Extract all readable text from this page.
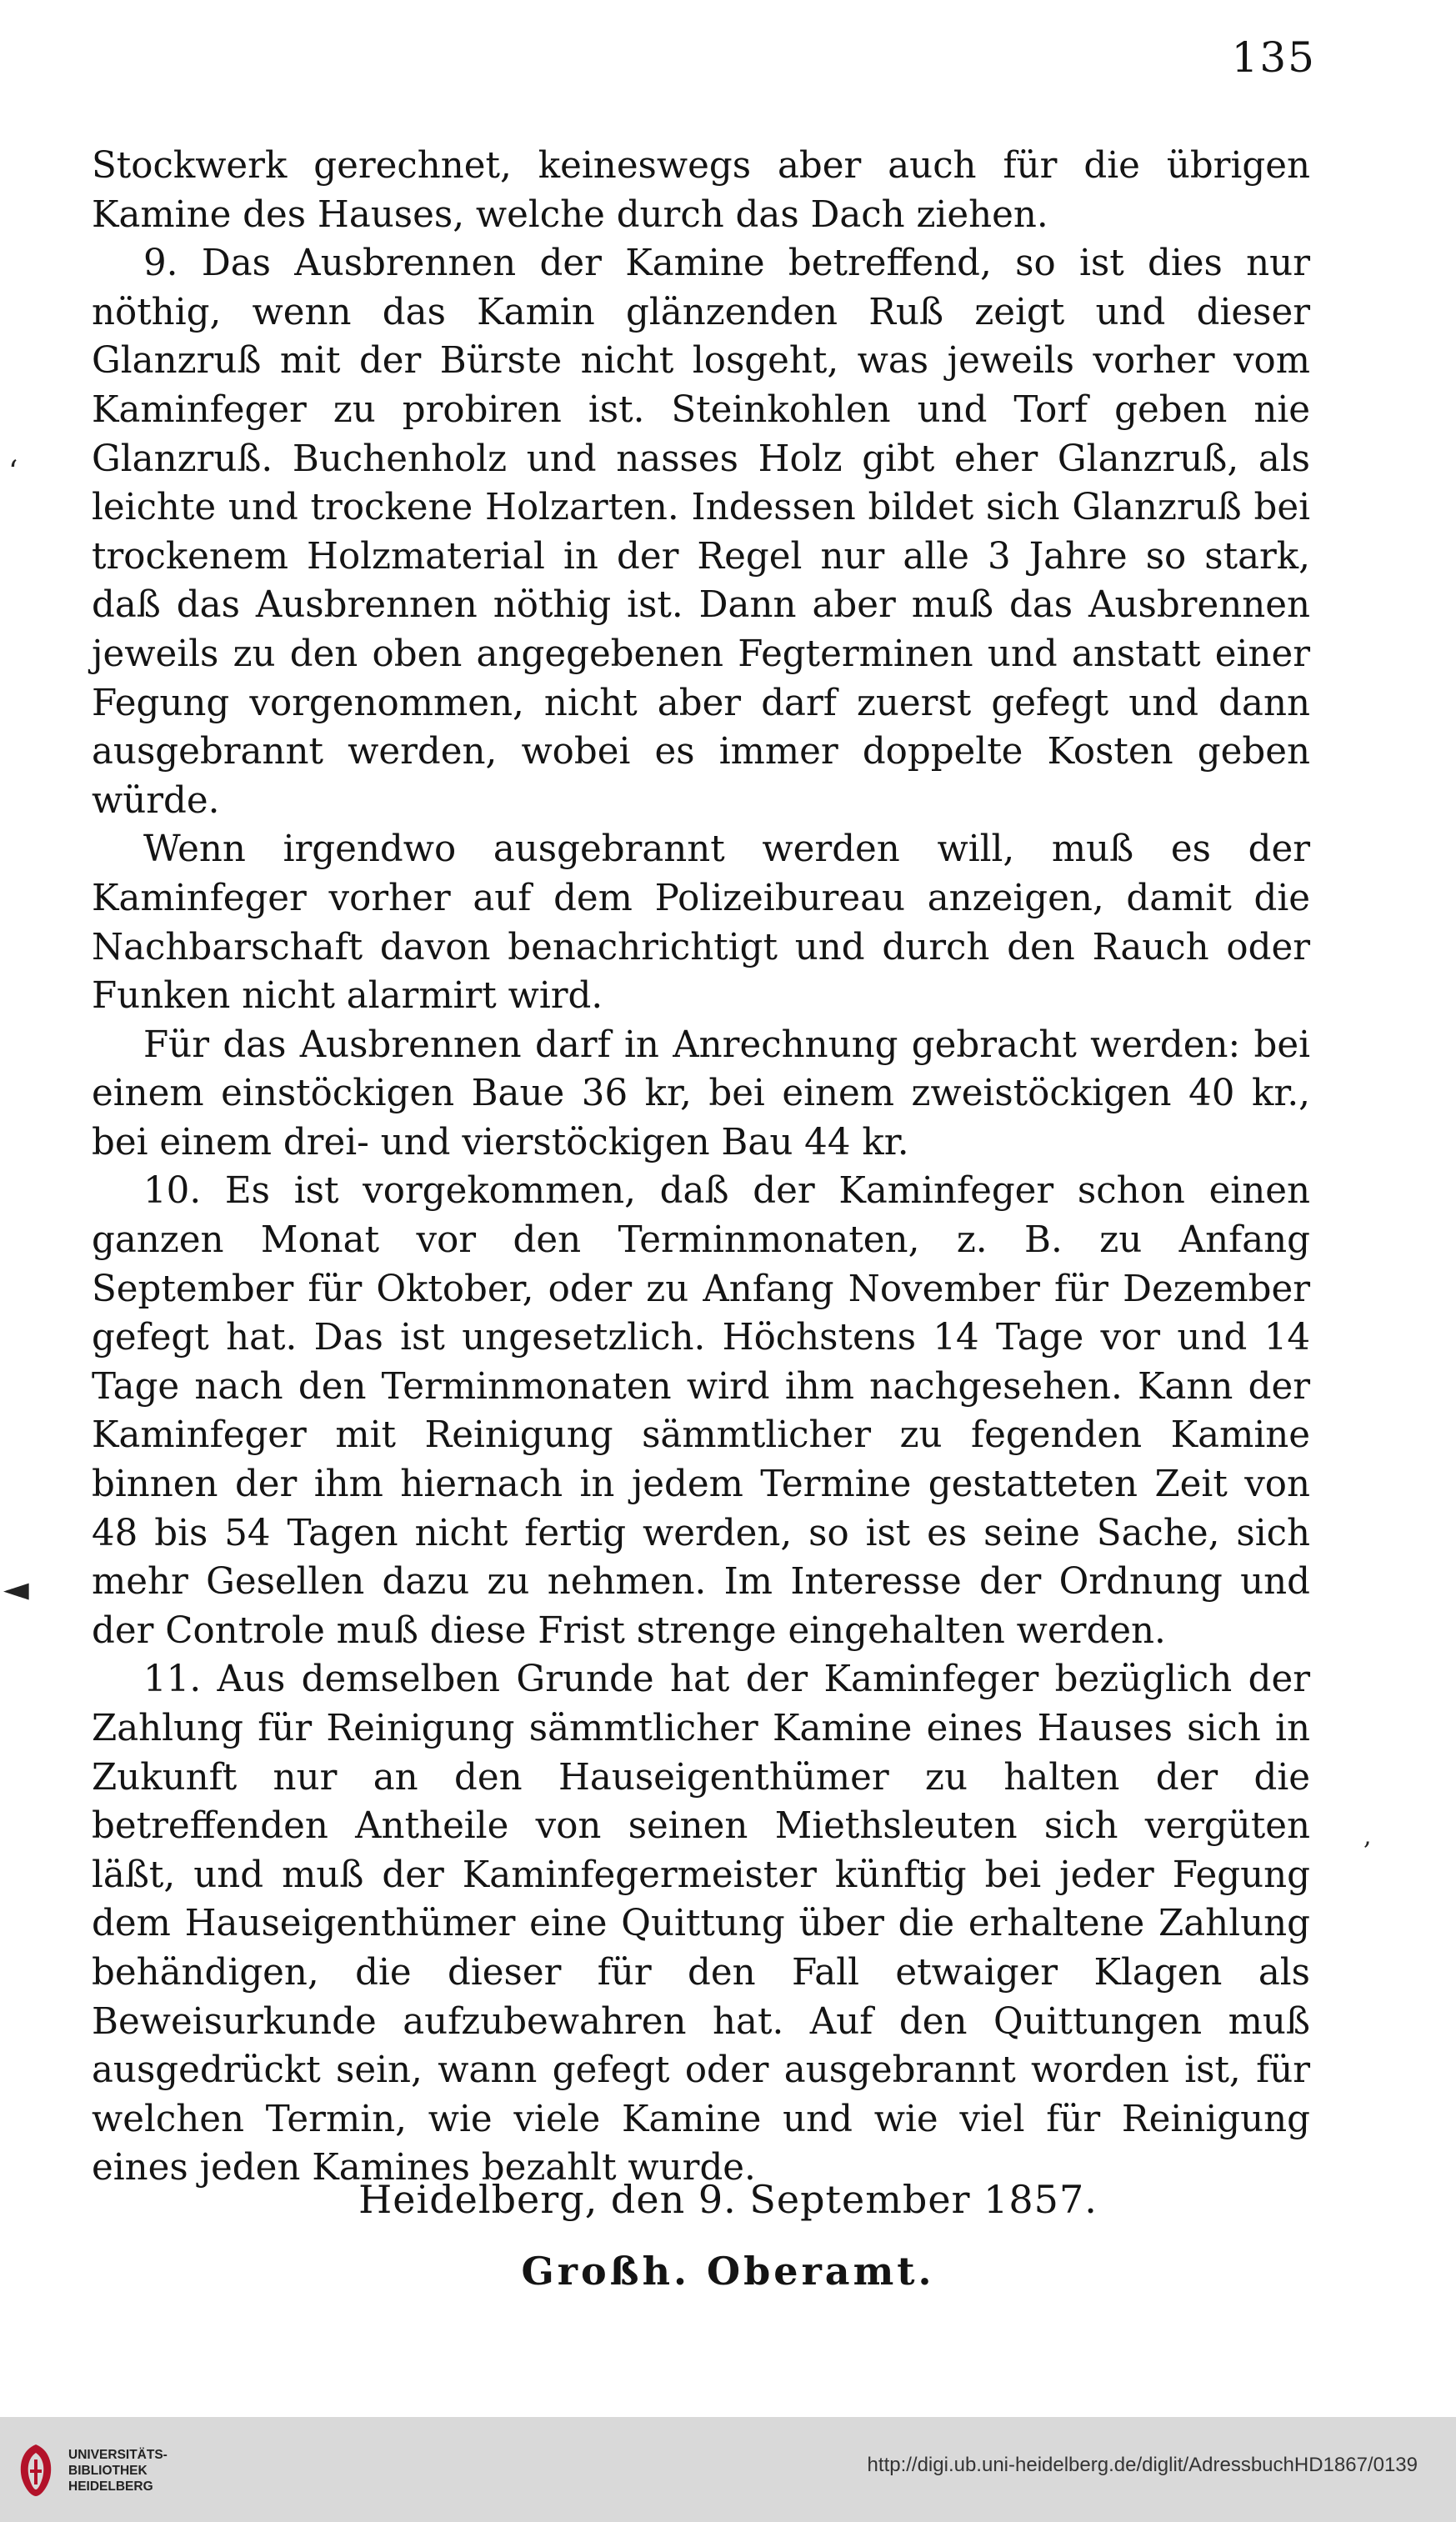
135

Stockwerk gerechnet, keineswegs aber auch für die übrigen Kamine des Hauses, welche durch das Dach ziehen.

9. Das Ausbrennen der Kamine betreffend, so ist dies nur nöthig, wenn das Kamin glänzenden Ruß zeigt und dieser Glanzruß mit der Bürste nicht losgeht, was jeweils vorher vom Kaminfeger zu probiren ist. Steinkohlen und Torf geben nie Glanzruß. Buchenholz und nasses Holz gibt eher Glanzruß, als leichte und trockene Holzarten. Indessen bildet sich Glanzruß bei trockenem Holzmaterial in der Regel nur alle 3 Jahre so stark, daß das Ausbrennen nöthig ist. Dann aber muß das Ausbrennen jeweils zu den oben angegebenen Fegterminen und anstatt einer Fegung vorgenommen, nicht aber darf zuerst gefegt und dann ausgebrannt werden, wobei es immer doppelte Kosten geben würde.

Wenn irgendwo ausgebrannt werden will, muß es der Kaminfeger vorher auf dem Polizeibureau anzeigen, damit die Nachbarschaft davon benachrichtigt und durch den Rauch oder Funken nicht alarmirt wird.

Für das Ausbrennen darf in Anrechnung gebracht werden: bei einem einstöckigen Baue 36 kr, bei einem zweistöckigen 40 kr., bei einem drei- und vierstöckigen Bau 44 kr.

10. Es ist vorgekommen, daß der Kaminfeger schon einen ganzen Monat vor den Terminmonaten, z. B. zu Anfang September für Oktober, oder zu Anfang November für Dezember gefegt hat. Das ist ungesetzlich. Höchstens 14 Tage vor und 14 Tage nach den Terminmonaten wird ihm nachgesehen. Kann der Kaminfeger mit Reinigung sämmtlicher zu fegenden Kamine binnen der ihm hiernach in jedem Termine gestatteten Zeit von 48 bis 54 Tagen nicht fertig werden, so ist es seine Sache, sich mehr Gesellen dazu zu nehmen. Im Interesse der Ordnung und der Controle muß diese Frist strenge eingehalten werden.

11. Aus demselben Grunde hat der Kaminfeger bezüglich der Zahlung für Reinigung sämmtlicher Kamine eines Hauses sich in Zukunft nur an den Hauseigenthümer zu halten der die betreffenden Antheile von seinen Miethsleuten sich vergüten läßt, und muß der Kaminfegermeister künftig bei jeder Fegung dem Hauseigenthümer eine Quittung über die erhaltene Zahlung behändigen, die dieser für den Fall etwaiger Klagen als Beweisurkunde aufzubewahren hat. Auf den Quittungen muß ausgedrückt sein, wann gefegt oder ausgebrannt worden ist, für welchen Termin, wie viele Kamine und wie viel für Reinigung eines jeden Kamines bezahlt wurde.

‘
◄
,
Heidelberg, den 9. September 1857.
Großh. Oberamt.
UNIVERSITÄTS-
BIBLIOTHEK
HEIDELBERG
http://digi.ub.uni-heidelberg.de/diglit/AdressbuchHD1867/0139
